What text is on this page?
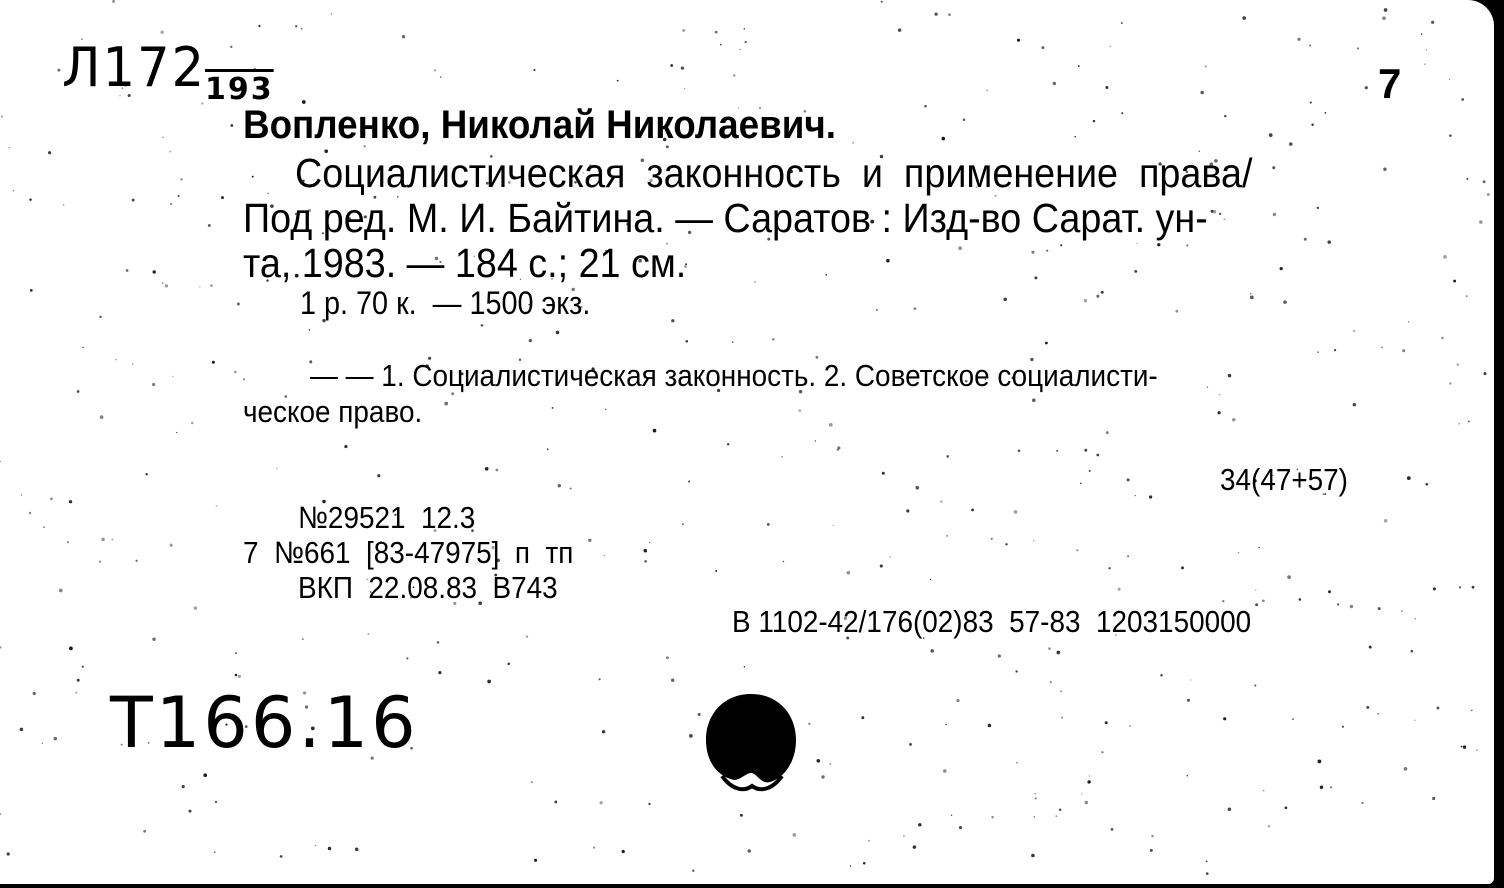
Л172
193	7
Вопленко, Николай Николаевич.
Социалистическая  законность  и  применение  права/
Под ред. М. И. Байтина. — Саратов : Изд-во Сарат. ун-
та, 1983. — 184 с.; 21 см.
1 р. 70 к.  — 1500 экз.
— — 1. Социалистическая законность. 2. Советское социалисти-
ческое право.
34(47+57)
№29521  12.3
7  №661  [83-47975]  п  тп
ВКП  22.08.83  В743
В 1102-42/176(02)83  57-83  1203150000
T166.16
